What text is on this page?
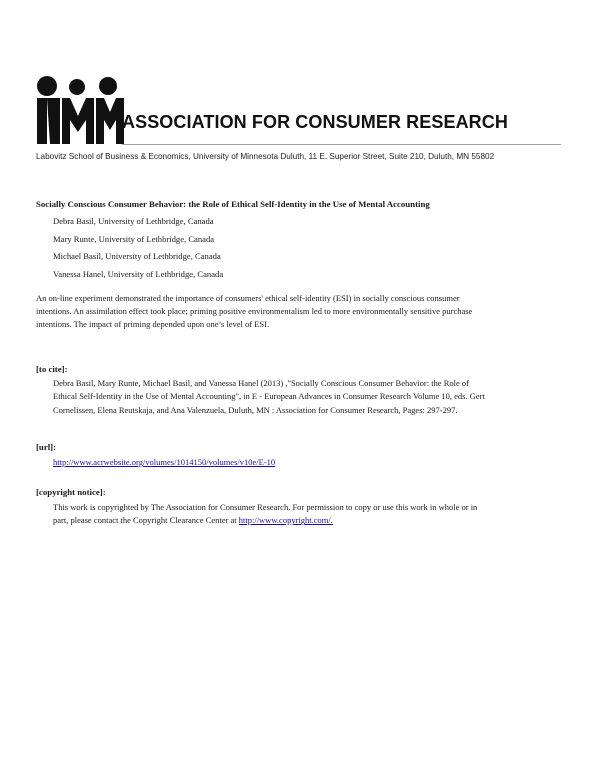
ASSOCIATION FOR CONSUMER RESEARCH
Labovitz School of Business & Economics, University of Minnesota Duluth, 11 E. Superior Street, Suite 210, Duluth, MN 55802
Socially Conscious Consumer Behavior: the Role of Ethical Self-Identity in the Use of Mental Accounting
Debra Basil, University of Lethbridge, Canada
Mary Runte, University of Lethbridge, Canada
Michael Basil, University of Lethbridge, Canada
Vanessa Hanel, University of Lethbridge, Canada
An on-line experiment demonstrated the importance of consumers' ethical self-identity (ESI) in socially conscious consumer
intentions. An assimilation effect took place; priming positive environmentalism led to more environmentally sensitive purchase
intentions. The impact of priming depended upon one’s level of ESI.
[to cite]:
Debra Basil, Mary Runte, Michael Basil, and Vanessa Hanel (2013) ,"Socially Conscious Consumer Behavior: the Role of
Ethical Self-Identity in the Use of Mental Accounting", in E - European Advances in Consumer Research Volume 10, eds. Gert
Cornelissen, Elena Reutskaja, and Ana Valenzuela, Duluth, MN : Association for Consumer Research, Pages: 297-297.
[url]:
http://www.acrwebsite.org/volumes/1014150/volumes/v10e/E-10
[copyright notice]:
This work is copyrighted by The Association for Consumer Research. For permission to copy or use this work in whole or in
part, please contact the Copyright Clearance Center at http://www.copyright.com/.
